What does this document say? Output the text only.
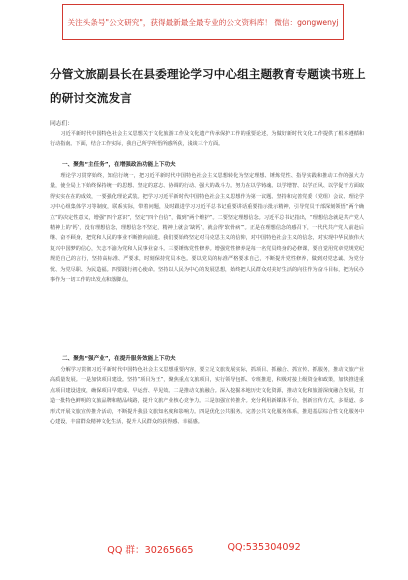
关注头条号"公文研究"，获得最新最全最专业的公文资料库！ 微信：gongwenyj
分管文旅副县长在县委理论学习中心组主题教育专题读书班上的研讨交流发言
同志们：

习近平新时代中国特色社会主义思想关于文化旅游工作及文化遗产传承保护工作的重要论述，为做好新时代文化工作提供了根本遵循和行动指南。下面，结合工作实际，我自己所学所悟所感所获，浅谈三个方面。

一、聚焦“主任务”，在增强政治功能上下功夫

理论学习贯穿始终，知信行统一，把习近平新时代中国特色社会主义思想转化为坚定理想、锤炼党性、指导实践和推动工作的强大力量，使全局上下始终保持统一的思想、坚定的意志、协调的行动、强大的战斗力。努力在以学铸魂、以学增智、以学正风、以学促干方面取得实实在在的成效，一要强化理论武装。把学习习近平新时代中国特色社会主义思想作为第一议题、坚持和完善党委（党组）会议、理论学习中心组集体学习等制度，联系实际，带着问题，及时跟进学习习近平总书记重要讲话重要指示批示精神，引导党员干部深刻领悟“两个确立”的决定性意义，增强“四个意识”，坚定“四个自信”，做到“两个维护”。二要坚定理想信念。习近平总书记指出，“理想信念就是共产党人精神上的‘钙’，没有理想信念，理想信念不坚定，精神上就会‘缺钙’，就会得‘软骨病’”。正是在理想信念的感召下，一代代共产党人前赴后继、奋不顾身，把党和人民的事业不断推向前进。我们要始终坚定对马克思主义的信仰，对中国特色社会主义的信念，对实现中华民族伟大复兴中国梦的信心，矢志不渝为党和人民事业奋斗。三要锤炼党性修养。增强党性修养是每一名党员终身的必修课，要自觉用党章党规党纪规范自己的言行，坚持高标准、严要求，时刻保持党员本色。要以党员的标准严格要求自己，不断提升党性修养，做到对党忠诚、为党分忧、为党尽职、为民造福。四要践行初心使命。坚持以人民为中心的发展思想，始终把人民群众对美好生活的向往作为奋斗目标，把为民办事作为一切工作的出发点和落脚点。

二、聚焦“强产业”，在提升服务效能上下功夫

分解学习贯彻习近平新时代中国特色社会主义思想重要内容，要立足文旅发展实际，抓项目、抓融合、抓宣传、抓服务，推动文旅产业高质量发展。一是加快项目建设。坚持“项目为王”，聚焦重点文旅项目，实行领导包抓、专班推进，积极对接上级资金和政策，加快推进重点项目建设进度，确保项目早建成、早运营、早见效。二是推动文旅融合。深入挖掘本地历史文化资源，推动文化和旅游深度融合发展，打造一批特色鲜明的文旅品牌和精品线路，提升文旅产业核心竞争力。三是加强宣传推介。充分利用新媒体平台，创新宣传方式，多渠道、多形式开展文旅宣传推介活动，不断提升我县文旅知名度和影响力。四是优化公共服务。完善公共文化服务体系，推进基层综合性文化服务中心建设，丰富群众精神文化生活，提升人民群众的获得感、幸福感。

QQ 群：30265665	QQ:535304092
